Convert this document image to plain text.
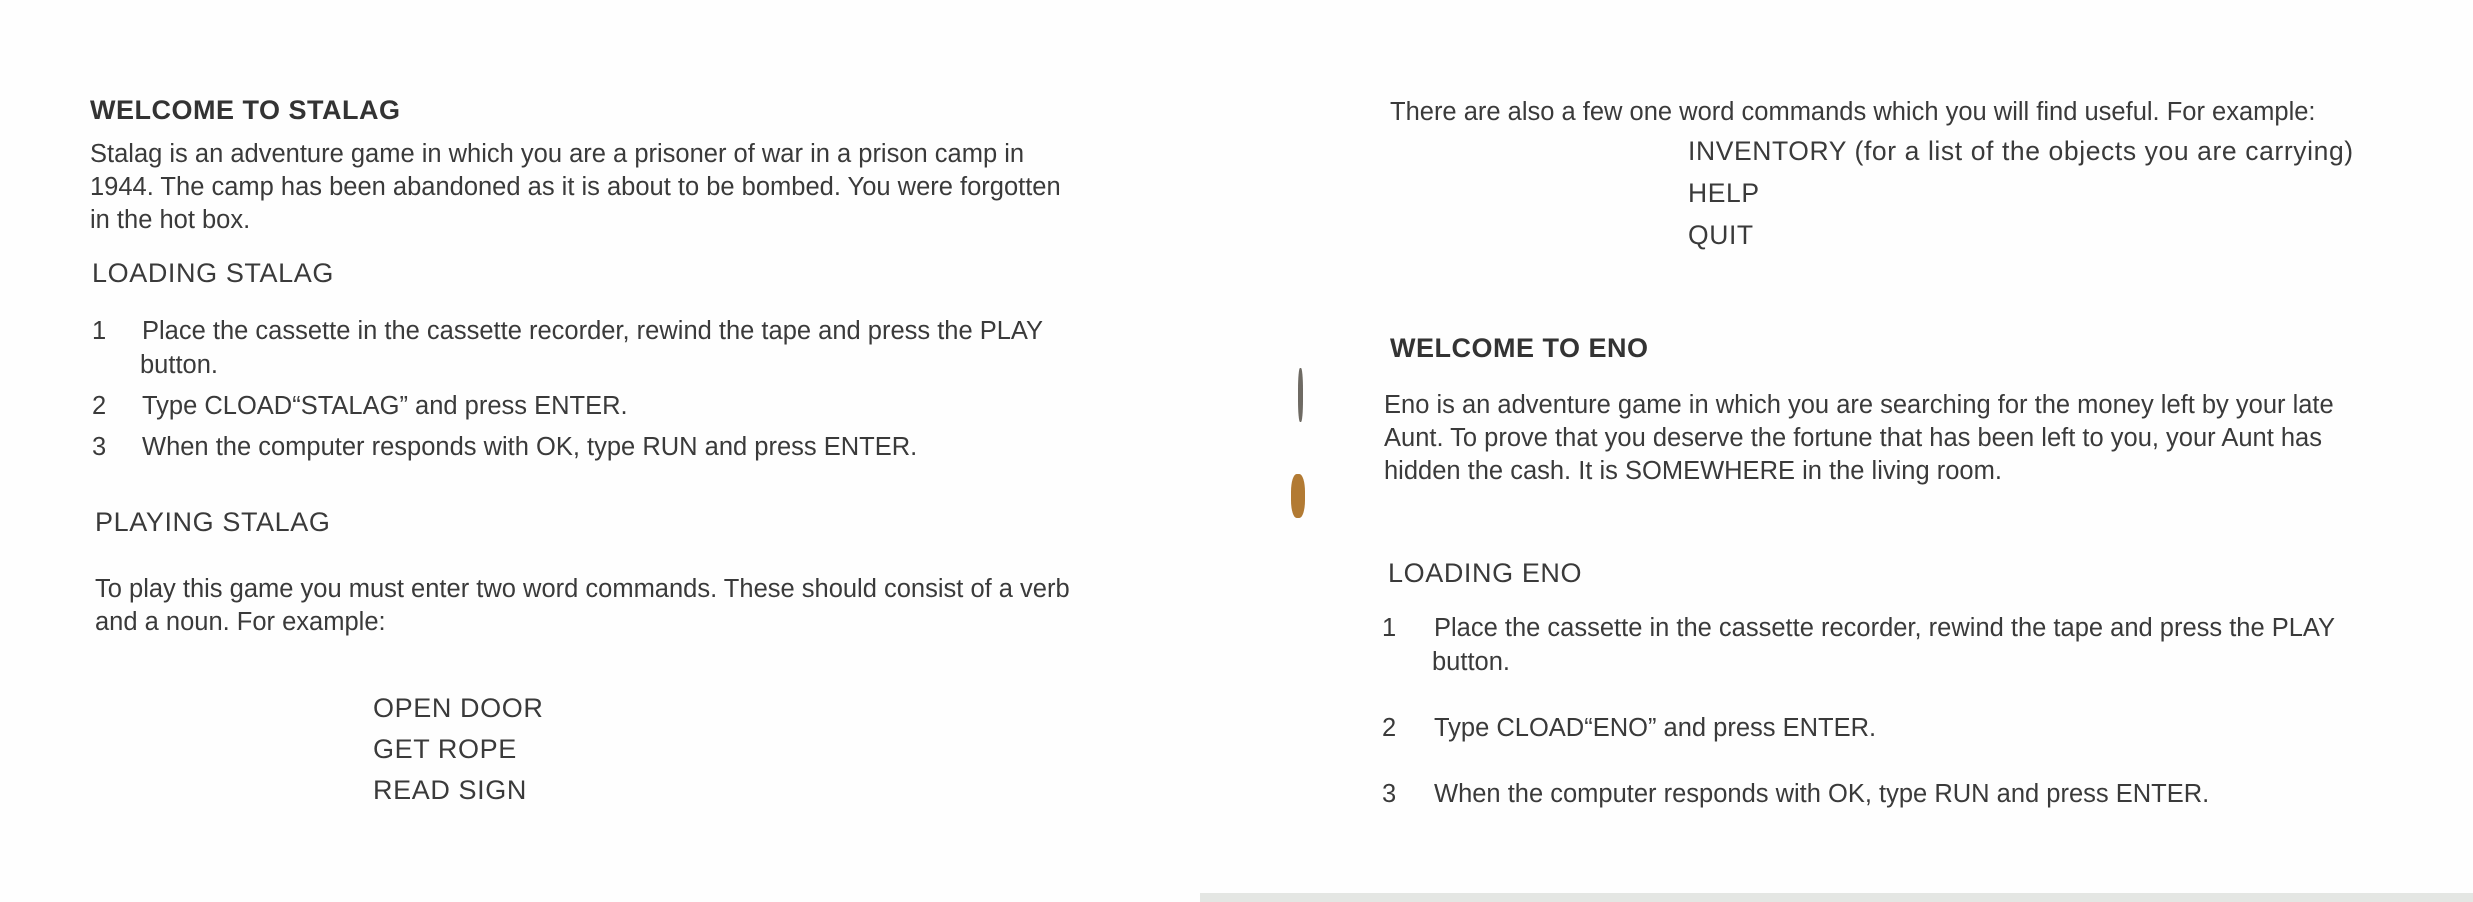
WELCOME TO STALAG
Stalag is an adventure game in which you are a prisoner of war in a prison camp in
1944. The camp has been abandoned as it is about to be bombed. You were forgotten
in the hot box.
LOADING STALAG
1 Place the cassette in the cassette recorder, rewind the tape and press the PLAY
button.
2 Type CLOAD“STALAG” and press ENTER.
3 When the computer responds with OK, type RUN and press ENTER.
PLAYING STALAG
To play this game you must enter two word commands. These should consist of a verb
and a noun. For example:
OPEN DOOR
GET ROPE
READ SIGN
There are also a few one word commands which you will find useful. For example:
INVENTORY (for a list of the objects you are carrying)
HELP
QUIT
WELCOME TO ENO
Eno is an adventure game in which you are searching for the money left by your late
Aunt. To prove that you deserve the fortune that has been left to you, your Aunt has
hidden the cash. It is SOMEWHERE in the living room.
LOADING ENO
1 Place the cassette in the cassette recorder, rewind the tape and press the PLAY
button.
2 Type CLOAD“ENO” and press ENTER.
3 When the computer responds with OK, type RUN and press ENTER.
